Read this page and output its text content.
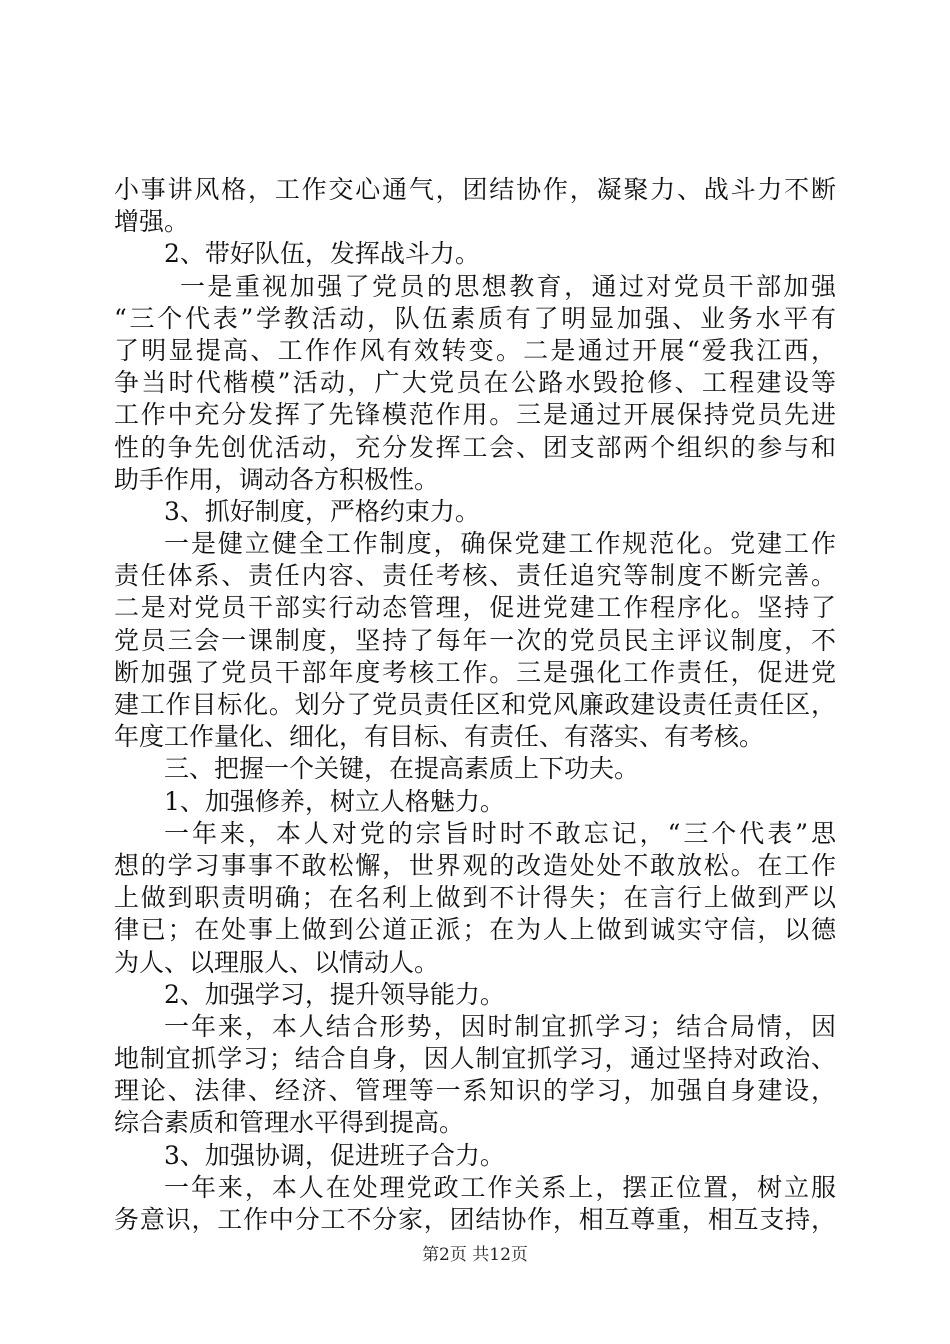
小事讲风格，工作交心通气，团结协作，凝聚力、战斗力不断
增强。
2、带好队伍，发挥战斗力。
一是重视加强了党员的思想教育，通过对党员干部加强
“三个代表”学教活动，队伍素质有了明显加强、业务水平有
了明显提高、工作作风有效转变。二是通过开展“爱我江西，
争当时代楷模”活动，广大党员在公路水毁抢修、工程建设等
工作中充分发挥了先锋模范作用。三是通过开展保持党员先进
性的争先创优活动，充分发挥工会、团支部两个组织的参与和
助手作用，调动各方积极性。
3、抓好制度，严格约束力。
一是健立健全工作制度，确保党建工作规范化。党建工作
责任体系、责任内容、责任考核、责任追究等制度不断完善。
二是对党员干部实行动态管理，促进党建工作程序化。坚持了
党员三会一课制度，坚持了每年一次的党员民主评议制度，不
断加强了党员干部年度考核工作。三是强化工作责任，促进党
建工作目标化。划分了党员责任区和党风廉政建设责任责任区，
年度工作量化、细化，有目标、有责任、有落实、有考核。
三、把握一个关键，在提高素质上下功夫。
1、加强修养，树立人格魅力。
一年来，本人对党的宗旨时时不敢忘记，“三个代表”思
想的学习事事不敢松懈，世界观的改造处处不敢放松。在工作
上做到职责明确；在名利上做到不计得失；在言行上做到严以
律已；在处事上做到公道正派；在为人上做到诚实守信，以德
为人、以理服人、以情动人。
2、加强学习，提升领导能力。
一年来，本人结合形势，因时制宜抓学习；结合局情，因
地制宜抓学习；结合自身，因人制宜抓学习，通过坚持对政治、
理论、法律、经济、管理等一系知识的学习，加强自身建设，
综合素质和管理水平得到提高。
3、加强协调，促进班子合力。
一年来，本人在处理党政工作关系上，摆正位置，树立服
务意识，工作中分工不分家，团结协作，相互尊重，相互支持，
第2页 共12页
